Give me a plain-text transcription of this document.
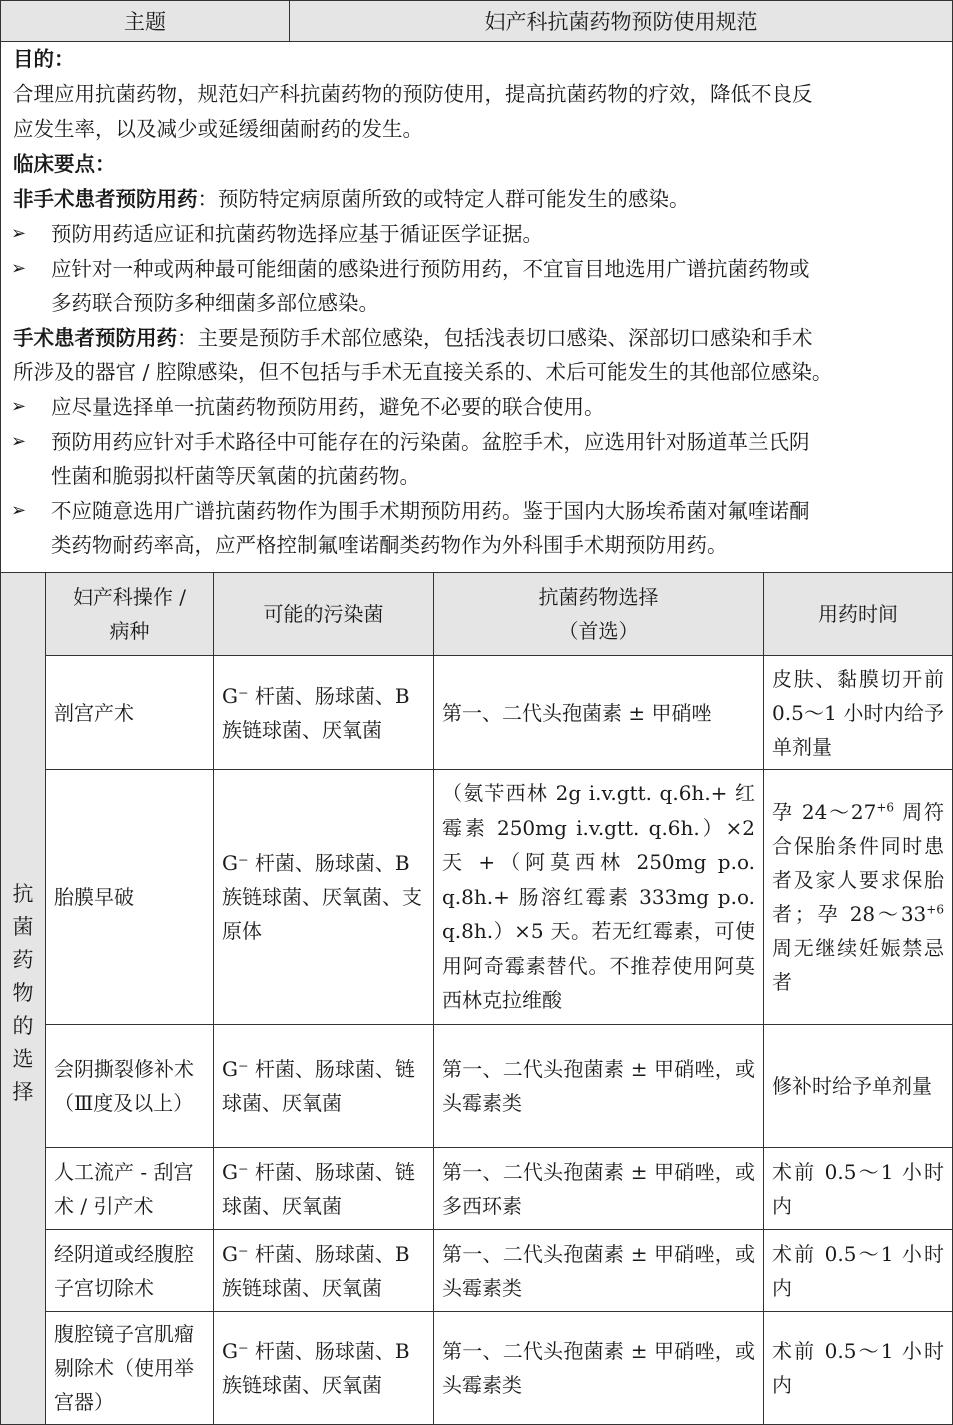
主题	妇产科抗菌药物预防使用规范
目的：
合理应用抗菌药物，规范妇产科抗菌药物的预防使用，提高抗菌药物的疗效，降低不良反
应发生率，以及减少或延缓细菌耐药的发生。
临床要点：
非手术患者预防用药：预防特定病原菌所致的或特定人群可能发生的感染。
➢ 预防用药适应证和抗菌药物选择应基于循证医学证据。
➢ 应针对一种或两种最可能细菌的感染进行预防用药，不宜盲目地选用广谱抗菌药物或
多药联合预防多种细菌多部位感染。
手术患者预防用药：主要是预防手术部位感染，包括浅表切口感染、深部切口感染和手术
所涉及的器官 / 腔隙感染，但不包括与手术无直接关系的、术后可能发生的其他部位感染。
➢ 应尽量选择单一抗菌药物预防用药，避免不必要的联合使用。
➢ 预防用药应针对手术路径中可能存在的污染菌。盆腔手术，应选用针对肠道革兰氏阴
性菌和脆弱拟杆菌等厌氧菌的抗菌药物。
➢ 不应随意选用广谱抗菌药物作为围手术期预防用药。鉴于国内大肠埃希菌对氟喹诺酮
类药物耐药率高，应严格控制氟喹诺酮类药物作为外科围手术期预防用药。
抗
菌
药
物
的
选
择
妇产科操作 /
病种
可能的污染菌
抗菌药物选择
（首选）
用药时间
剖宫产术
G⁻ 杆菌、肠球菌、B族链球菌、厌氧菌
第一、二代头孢菌素 ± 甲硝唑
皮肤、黏膜切开前 0.5～1 小时内给予单剂量
胎膜早破
G⁻ 杆菌、肠球菌、B族链球菌、厌氧菌、支原体
（氨苄西林 2g i.v.gtt. q.6h.+ 红霉素 250mg i.v.gtt. q.6h.）×2 天 +（阿莫西林 250mg p.o. q.8h.+ 肠溶红霉素 333mg p.o. q.8h.）×5 天。若无红霉素，可使用阿奇霉素替代。不推荐使用阿莫西林克拉维酸
孕 $24\sim 27^{+6}$ 周符合保胎条件同时患者及家人要求保胎者；孕 $28\sim 33^{+6}$ 周无继续妊娠禁忌者
会阴撕裂修补术（Ⅲ度及以上）
G⁻ 杆菌、肠球菌、链球菌、厌氧菌
第一、二代头孢菌素 ± 甲硝唑，或头霉素类
修补时给予单剂量
人工流产 - 刮宫术 / 引产术
G⁻ 杆菌、肠球菌、链球菌、厌氧菌
第一、二代头孢菌素 ± 甲硝唑，或多西环素
术前 0.5～1 小时内
经阴道或经腹腔子宫切除术
G⁻ 杆菌、肠球菌、B族链球菌、厌氧菌
第一、二代头孢菌素 ± 甲硝唑，或头霉素类
术前 0.5～1 小时内
腹腔镜子宫肌瘤剔除术（使用举宫器）
G⁻ 杆菌、肠球菌、B族链球菌、厌氧菌
第一、二代头孢菌素 ± 甲硝唑，或头霉素类
术前 0.5～1 小时内
